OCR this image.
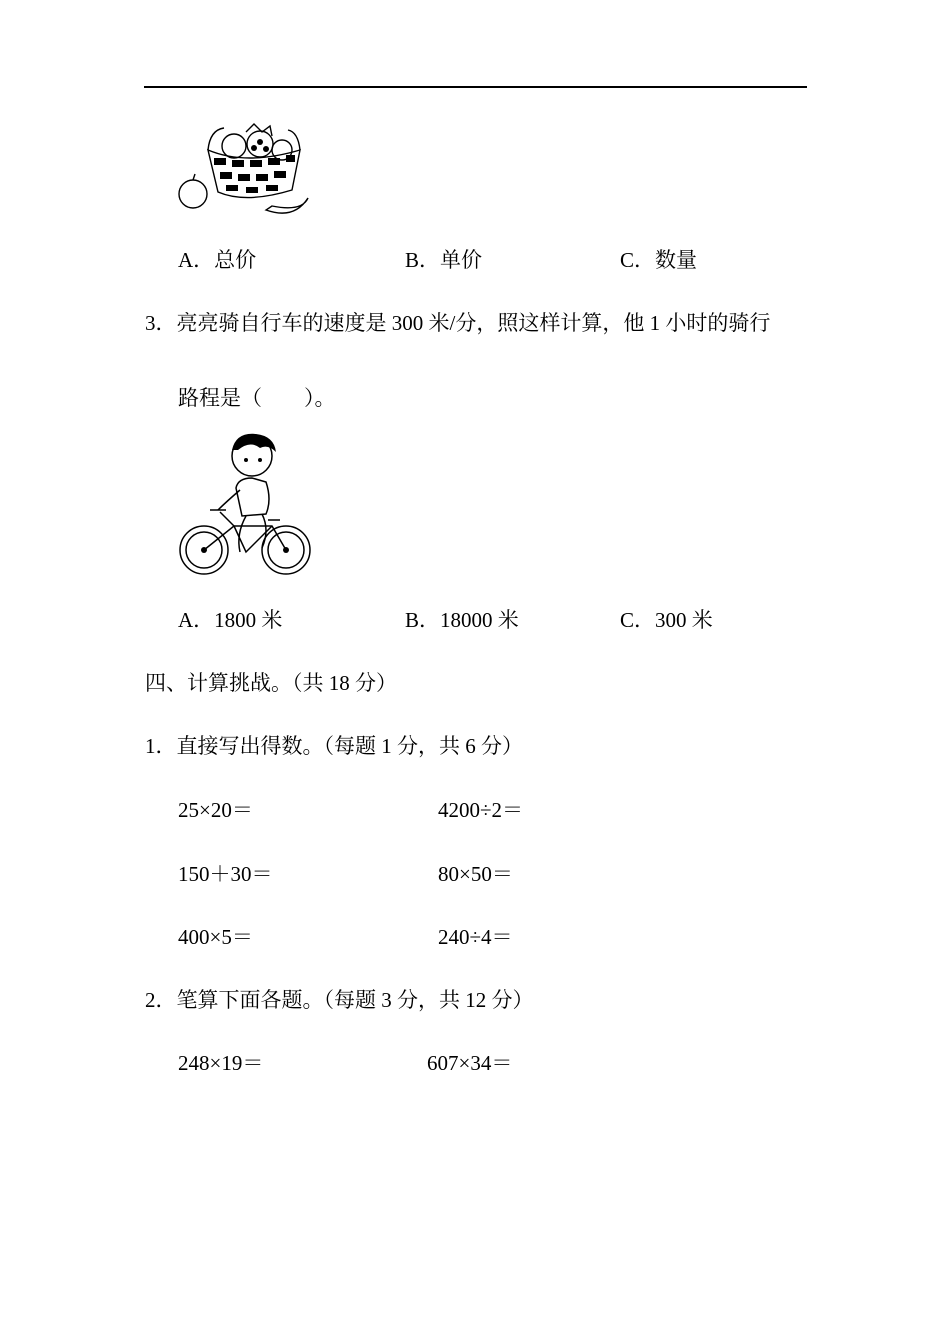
A．总价	B．单价	C．数量
3．亮亮骑自行车的速度是 300 米/分，照这样计算，他 1 小时的骑行
路程是（　　）。
A．1800 米	B．18000 米	C．300 米
四、计算挑战。（共 18 分）
1．直接写出得数。（每题 1 分，共 6 分）
25×20＝	4200÷2＝
150＋30＝	80×50＝
400×5＝	240÷4＝
2．笔算下面各题。（每题 3 分，共 12 分）
248×19＝	607×34＝
